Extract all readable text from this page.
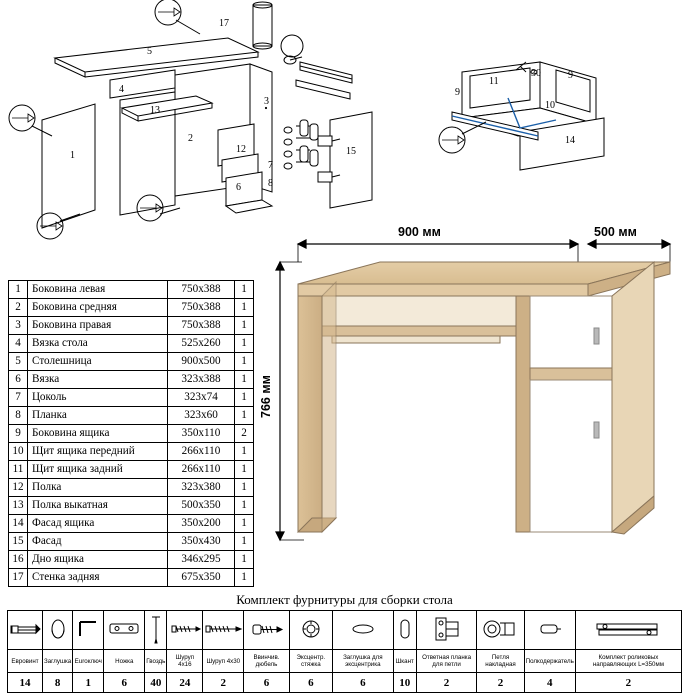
17
5
4
13
1
2
3
12
6
7
8
15
9
11
10
14
9
30
1	Боковина левая	750х388	1
2	Боковина средняя	750х388	1
3	Боковина правая	750х388	1
4	Вязка стола	525х260	1
5	Столешница	900х500	1
6	Вязка	323х388	1
7	Цоколь	323х74	1
8	Планка	323х60	1
9	Боковина ящика	350х110	2
10	Щит ящика передний	266х110	1
11	Щит ящика задний	266х110	1
12	Полка	323х380	1
13	Полка выкатная	500х350	1
14	Фасад ящика	350х200	1
15	Фасад	350х430	1
16	Дно ящика	346х295	1
17	Стенка задняя	675х350	1
900 мм	500 мм
766 мм
Комплект фурнитуры для сборки стола

Евровинт	Заглушка	Euroключ	Ножка	Гвоздь	Шуруп 4х16	Шуруп 4х30	Ввинчив. дюбель	Эксцентр. стяжка	Заглушка для эксцентрика	Шкант	Ответная планка для петли	Петля накладная	Полкодержатель	Комплект роликовых направляющих L=350мм
14	8	1	6	40	24	2	6	6	6	10	2	2	4	2
